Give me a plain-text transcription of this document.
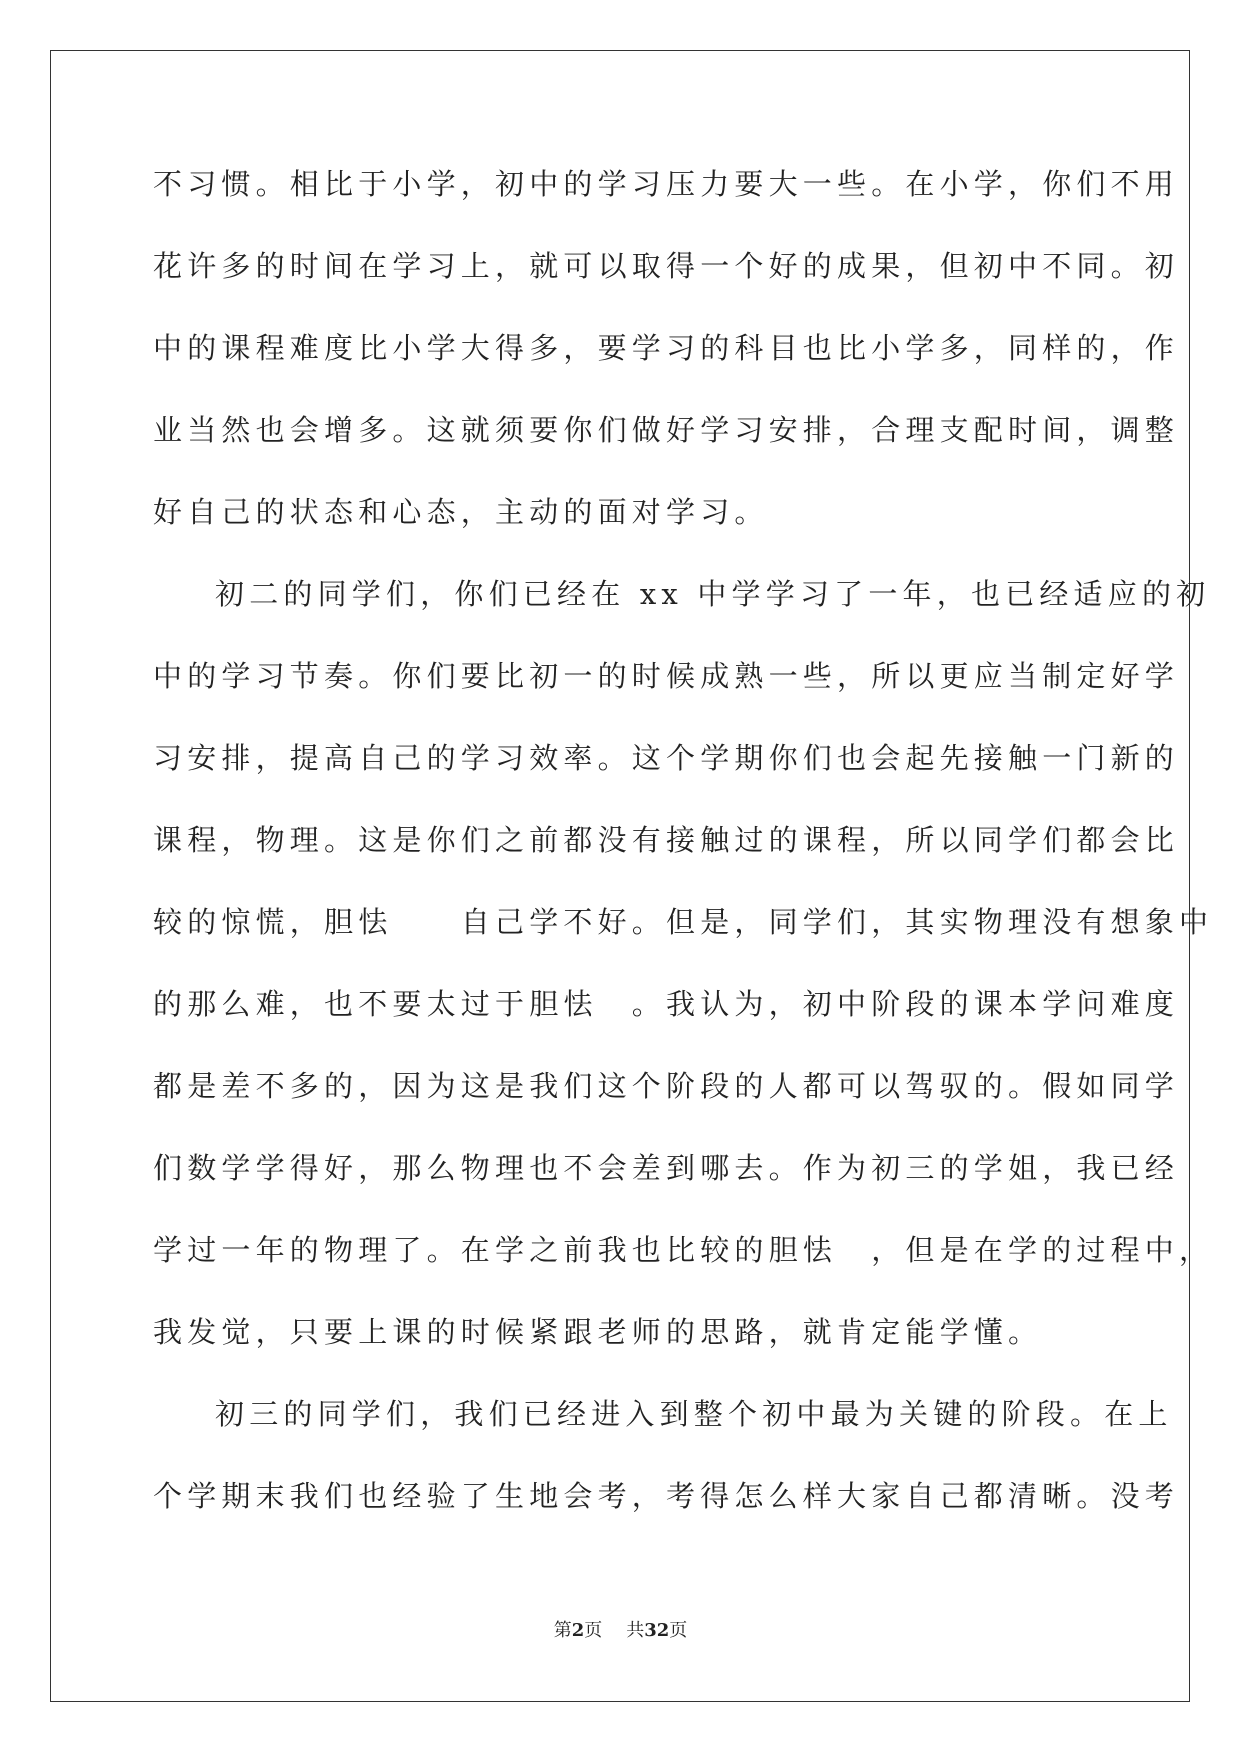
不习惯。相比于小学，初中的学习压力要大一些。在小学，你们不用
花许多的时间在学习上，就可以取得一个好的成果，但初中不同。初
中的课程难度比小学大得多，要学习的科目也比小学多，同样的，作
业当然也会增多。这就须要你们做好学习安排，合理支配时间，调整
好自己的状态和心态，主动的面对学习。
初二的同学们，你们已经在 xx 中学学习了一年，也已经适应的初
中的学习节奏。你们要比初一的时候成熟一些，所以更应当制定好学
习安排，提高自己的学习效率。这个学期你们也会起先接触一门新的
课程，物理。这是你们之前都没有接触过的课程，所以同学们都会比
较的惊慌，胆怯　　自己学不好。但是，同学们，其实物理没有想象中
的那么难，也不要太过于胆怯　。我认为，初中阶段的课本学问难度
都是差不多的，因为这是我们这个阶段的人都可以驾驭的。假如同学
们数学学得好，那么物理也不会差到哪去。作为初三的学姐，我已经
学过一年的物理了。在学之前我也比较的胆怯　，但是在学的过程中，
我发觉，只要上课的时候紧跟老师的思路，就肯定能学懂。
初三的同学们，我们已经进入到整个初中最为关键的阶段。在上
个学期末我们也经验了生地会考，考得怎么样大家自己都清晰。没考
第2页 共32页
